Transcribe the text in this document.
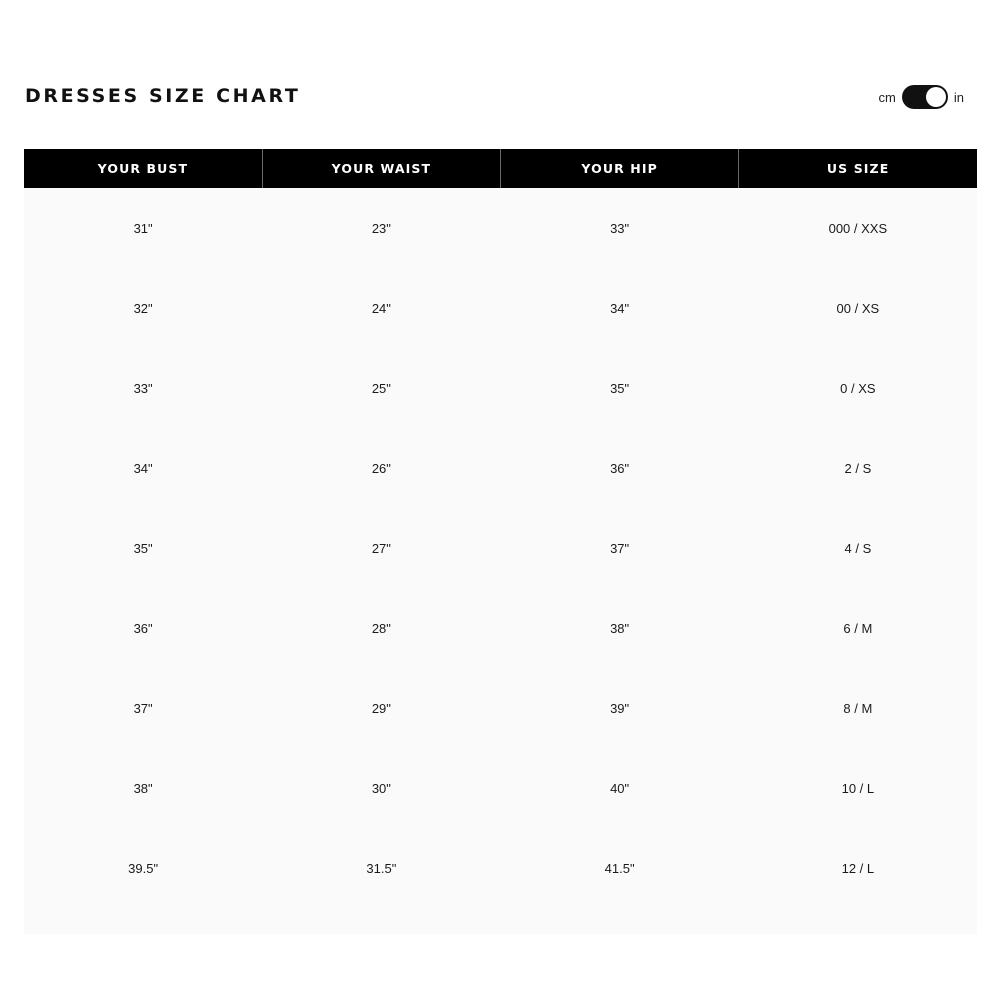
DRESSES SIZE CHART	cm	in
YOUR BUST	YOUR WAIST	YOUR HIP	US SIZE
31"	23"	33"	000 / XXS
32"	24"	34"	00 / XS
33"	25"	35"	0 / XS
34"	26"	36"	2 / S
35"	27"	37"	4 / S
36"	28"	38"	6 / M
37"	29"	39"	8 / M
38"	30"	40"	10 / L
39.5"	31.5"	41.5"	12 / L
